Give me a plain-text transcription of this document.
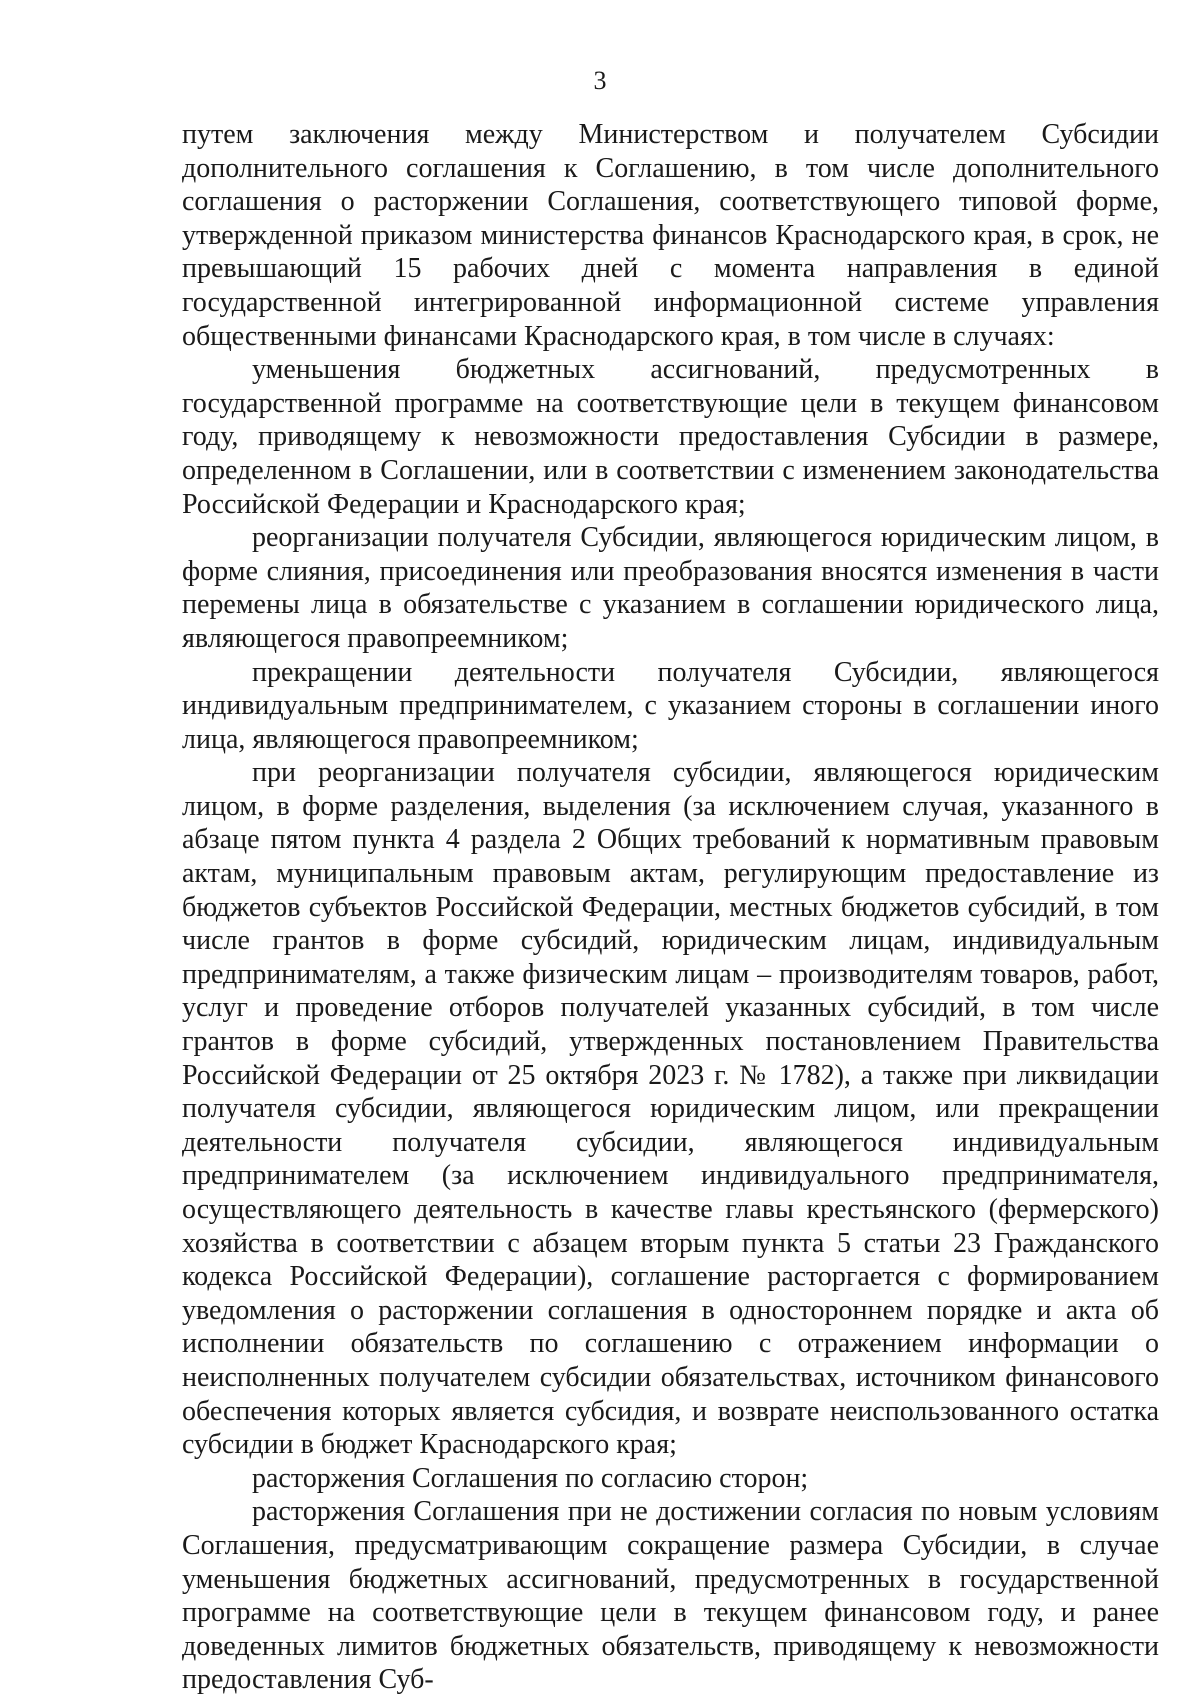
3

путем заключения между Министерством и получателем Субсидии дополнительного соглашения к Соглашению, в том числе дополнительного соглашения о расторжении Соглашения, соответствующего типовой форме, утвержденной приказом министерства финансов Краснодарского края, в срок, не превышающий 15 рабочих дней с момента направления в единой государственной интегрированной информационной системе управления общественными финансами Краснодарского края, в том числе в случаях:

уменьшения бюджетных ассигнований, предусмотренных в государственной программе на соответствующие цели в текущем финансовом году, приводящему к невозможности предоставления Субсидии в размере, определенном в Соглашении, или в соответствии с изменением законодательства Российской Федерации и Краснодарского края;

реорганизации получателя Субсидии, являющегося юридическим лицом, в форме слияния, присоединения или преобразования вносятся изменения в части перемены лица в обязательстве с указанием в соглашении юридического лица, являющегося правопреемником;

прекращении деятельности получателя Субсидии, являющегося индивидуальным предпринимателем, с указанием стороны в соглашении иного лица, являющегося правопреемником;

при реорганизации получателя субсидии, являющегося юридическим лицом, в форме разделения, выделения (за исключением случая, указанного в абзаце пятом пункта 4 раздела 2 Общих требований к нормативным правовым актам, муниципальным правовым актам, регулирующим предоставление из бюджетов субъектов Российской Федерации, местных бюджетов субсидий, в том числе грантов в форме субсидий, юридическим лицам, индивидуальным предпринимателям, а также физическим лицам – производителям товаров, работ, услуг и проведение отборов получателей указанных субсидий, в том числе грантов в форме субсидий, утвержденных постановлением Правительства Российской Федерации от 25 октября 2023 г. № 1782), а также при ликвидации получателя субсидии, являющегося юридическим лицом, или прекращении деятельности получателя субсидии, являющегося индивидуальным предпринимателем (за исключением индивидуального предпринимателя, осуществляющего деятельность в качестве главы крестьянского (фермерского) хозяйства в соответствии с абзацем вторым пункта 5 статьи 23 Гражданского кодекса Российской Федерации), соглашение расторгается с формированием уведомления о расторжении соглашения в одностороннем порядке и акта об исполнении обязательств по соглашению с отражением информации о неисполненных получателем субсидии обязательствах, источником финансового обеспечения которых является субсидия, и возврате неиспользованного остатка субсидии в бюджет Краснодарского края;

расторжения Соглашения по согласию сторон;

расторжения Соглашения при не достижении согласия по новым условиям Соглашения, предусматривающим сокращение размера Субсидии, в случае уменьшения бюджетных ассигнований, предусмотренных в государственной программе на соответствующие цели в текущем финансовом году, и ранее доведенных лимитов бюджетных обязательств, приводящему к невозможности предоставления Суб-
